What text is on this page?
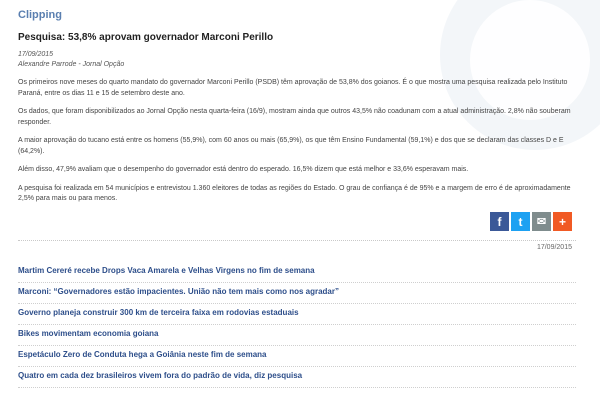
Clipping

Pesquisa: 53,8% aprovam governador Marconi Perillo

17/09/2015

Alexandre Parrode - Jornal Opção

Os primeiros nove meses do quarto mandato do governador Marconi Perillo (PSDB) têm aprovação de 53,8% dos goianos. É o que mostra uma pesquisa realizada pelo Instituto Paraná, entre os dias 11 e 15 de setembro deste ano.

Os dados, que foram disponibilizados ao Jornal Opção nesta quarta-feira (16/9), mostram ainda que outros 43,5% não coadunam com a atual administração. 2,8% não souberam responder.

A maior aprovação do tucano está entre os homens (55,9%), com 60 anos ou mais (65,9%), os que têm Ensino Fundamental (59,1%) e dos que se declaram das classes D e E (64,2%).

Além disso, 47,9% avaliam que o desempenho do governador está dentro do esperado. 16,5% dizem que está melhor e 33,6% esperavam mais.

A pesquisa foi realizada em 54 municípios e entrevistou 1.360 eleitores de todas as regiões do Estado. O grau de confiança é de 95% e a margem de erro é de aproximadamente 2,5% para mais ou para menos.

f t ✉ +
17/09/2015
Martim Cereré recebe Drops Vaca Amarela e Velhas Virgens no fim de semana
Marconi: “Governadores estão impacientes. União não tem mais como nos agradar”
Governo planeja construir 300 km de terceira faixa em rodovias estaduais
Bikes movimentam economia goiana
Espetáculo Zero de Conduta hega a Goiânia neste fim de semana
Quatro em cada dez brasileiros vivem fora do padrão de vida, diz pesquisa
